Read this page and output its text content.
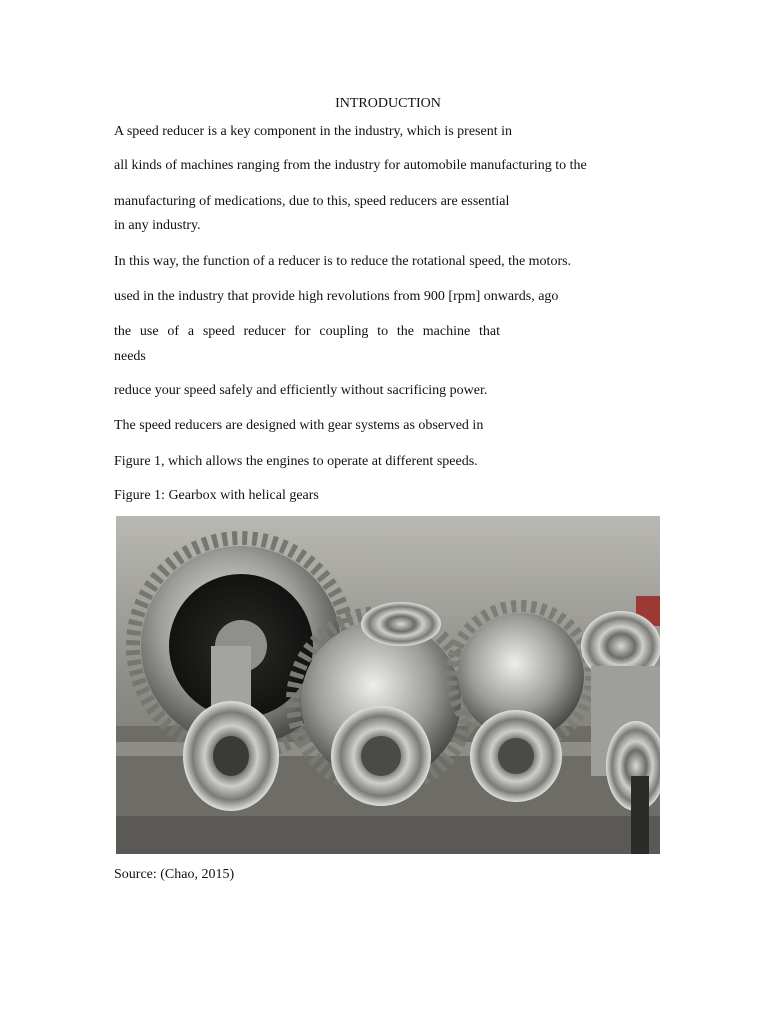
INTRODUCTION
A speed reducer is a key component in the industry, which is present in
all kinds of machines ranging from the industry for automobile manufacturing to the
manufacturing of medications, due to this, speed reducers are essential
in any industry.
In this way, the function of a reducer is to reduce the rotational speed, the motors.
used in the industry that provide high revolutions from 900 [rpm] onwards, ago
the use of a speed reducer for coupling to the machine that
needs
reduce your speed safely and efficiently without sacrificing power.
The speed reducers are designed with gear systems as observed in
Figure 1, which allows the engines to operate at different speeds.
Figure 1: Gearbox with helical gears
Source: (Chao, 2015)
